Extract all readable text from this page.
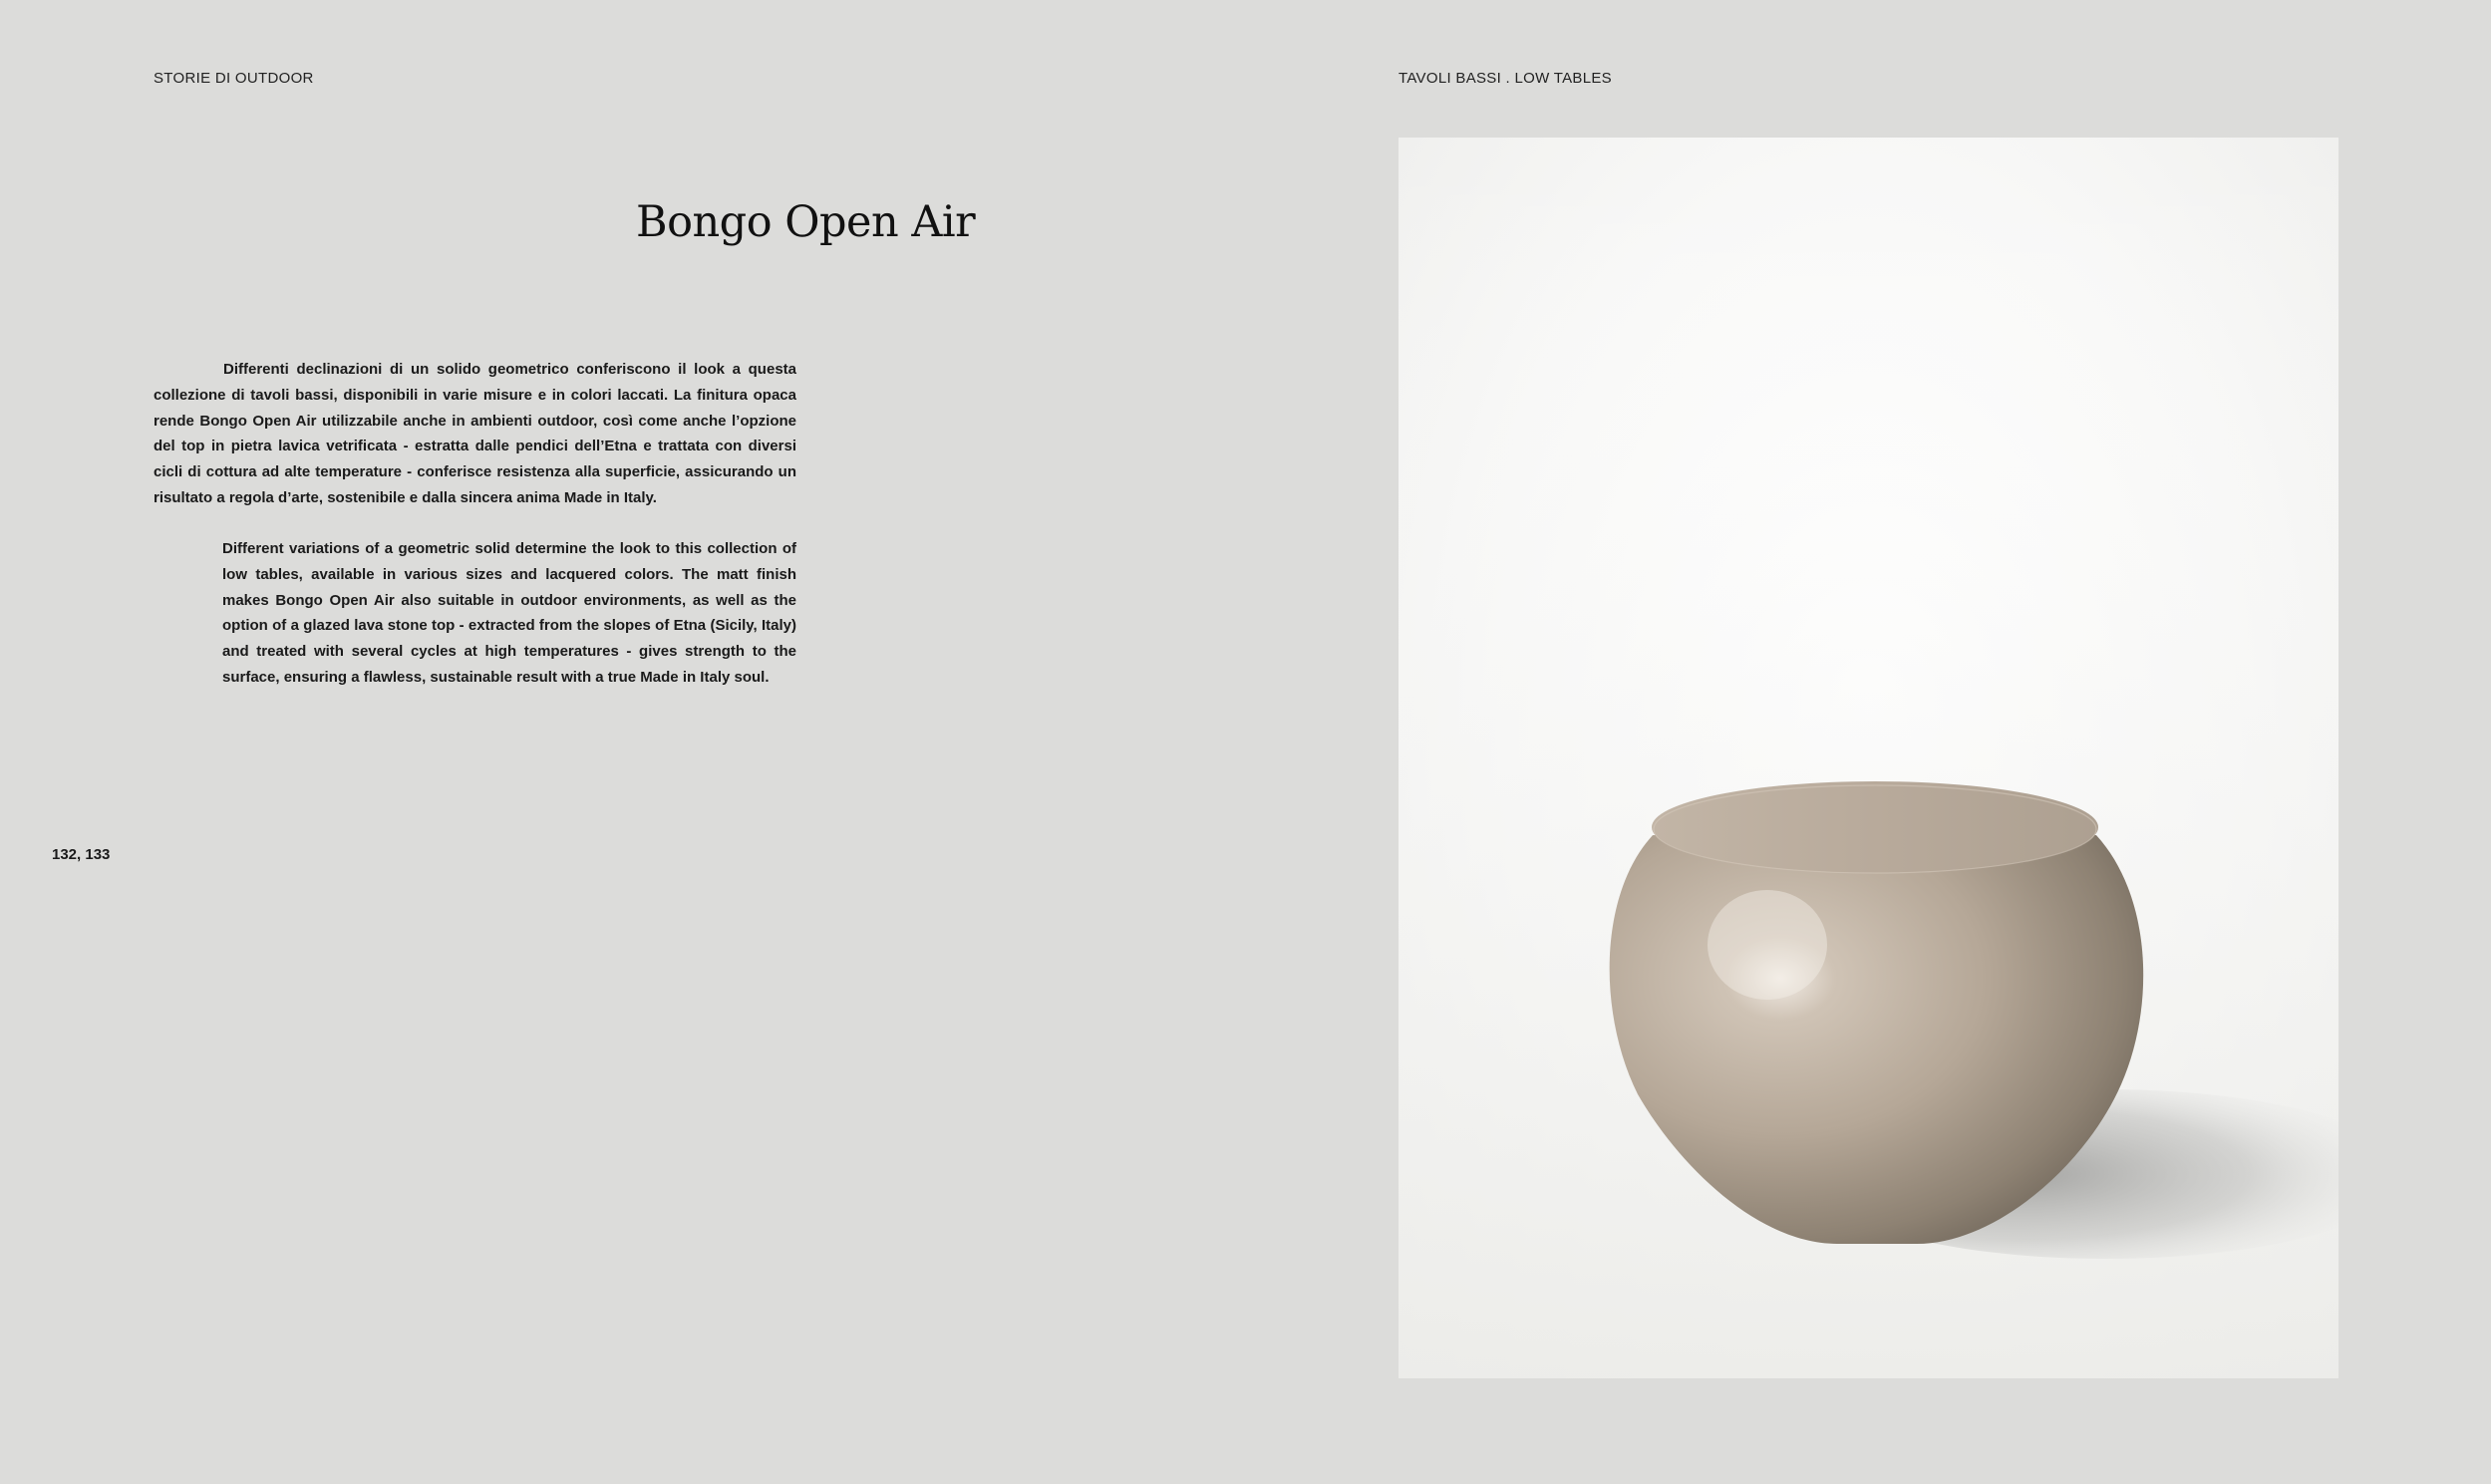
STORIE DI OUTDOOR	TAVOLI BASSI . LOW TABLES
Bongo Open Air

Differenti declinazioni di un solido geometrico conferiscono il look a questa collezione di tavoli bassi, disponibili in varie misure e in colori laccati. La finitura opaca rende Bongo Open Air utilizzabile anche in ambienti outdoor, così come anche l’opzione del top in pietra lavica vetrificata - estratta dalle pendici dell’Etna e trattata con diversi cicli di cottura ad alte temperature - conferisce resistenza alla superficie, assicurando un risultato a regola d’arte, sostenibile e dalla sincera anima Made in Italy.

Different variations of a geometric solid determine the look to this collection of low tables, available in various sizes and lacquered colors. The matt finish makes Bongo Open Air also suitable in outdoor environments, as well as the option of a glazed lava stone top - extracted from the slopes of Etna (Sicily, Italy) and treated with several cycles at high temperatures - gives strength to the surface, ensuring a flawless, sustainable result with a true Made in Italy soul.

132, 133
